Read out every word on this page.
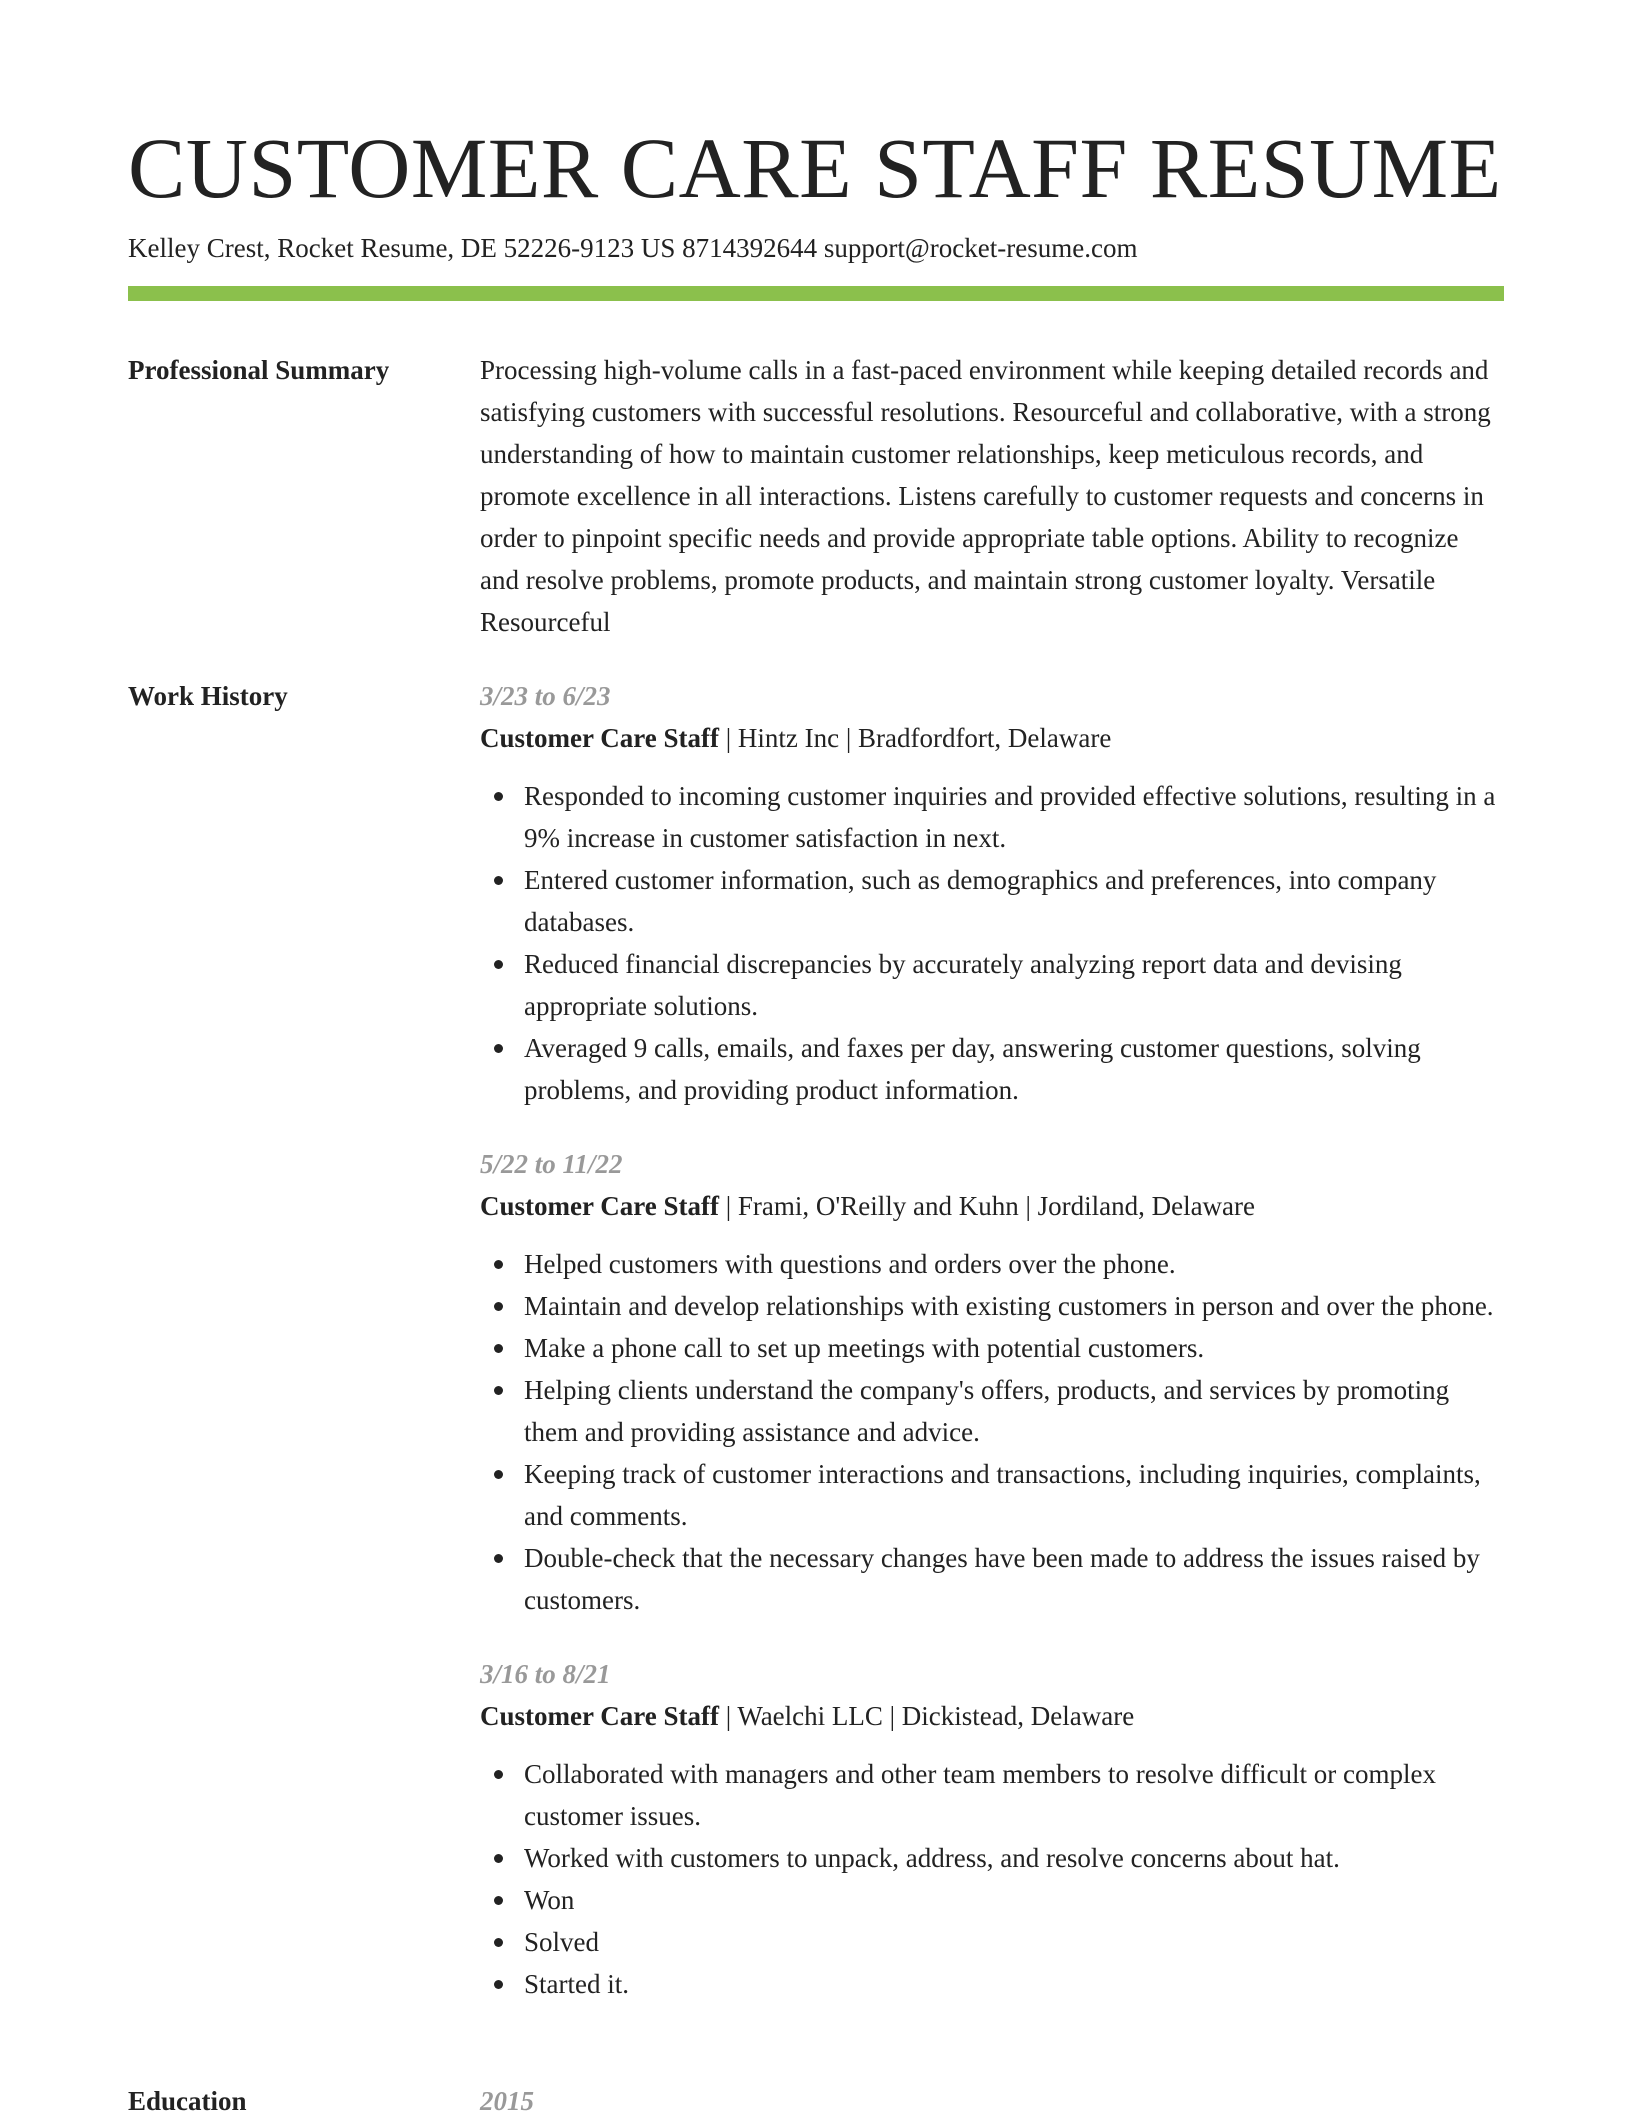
CUSTOMER CARE STAFF RESUME
Kelley Crest, Rocket Resume, DE 52226-9123 US 8714392644 support@rocket-resume.com
Professional Summary	Processing high-volume calls in a fast-paced environment while keeping detailed records and satisfying customers with successful resolutions. Resourceful and collaborative, with a strong understanding of how to maintain customer relationships, keep meticulous records, and promote excellence in all interactions. Listens carefully to customer requests and concerns in order to pinpoint specific needs and provide appropriate table options. Ability to recognize and resolve problems, promote products, and maintain strong customer loyalty. Versatile Resourceful
Work History	3/23 to 6/23
Customer Care Staff | Hintz Inc | Bradfordfort, Delaware
Responded to incoming customer inquiries and provided effective solutions, resulting in a 9% increase in customer satisfaction in next.
Entered customer information, such as demographics and preferences, into company databases.
Reduced financial discrepancies by accurately analyzing report data and devising appropriate solutions.
Averaged 9 calls, emails, and faxes per day, answering customer questions, solving problems, and providing product information.
5/22 to 11/22
Customer Care Staff | Frami, O'Reilly and Kuhn | Jordiland, Delaware
Helped customers with questions and orders over the phone.
Maintain and develop relationships with existing customers in person and over the phone.
Make a phone call to set up meetings with potential customers.
Helping clients understand the company's offers, products, and services by promoting them and providing assistance and advice.
Keeping track of customer interactions and transactions, including inquiries, complaints, and comments.
Double-check that the necessary changes have been made to address the issues raised by customers.
3/16 to 8/21
Customer Care Staff | Waelchi LLC | Dickistead, Delaware
Collaborated with managers and other team members to resolve difficult or complex customer issues.
Worked with customers to unpack, address, and resolve concerns about hat.
Won
Solved
Started it.
Education	2015
